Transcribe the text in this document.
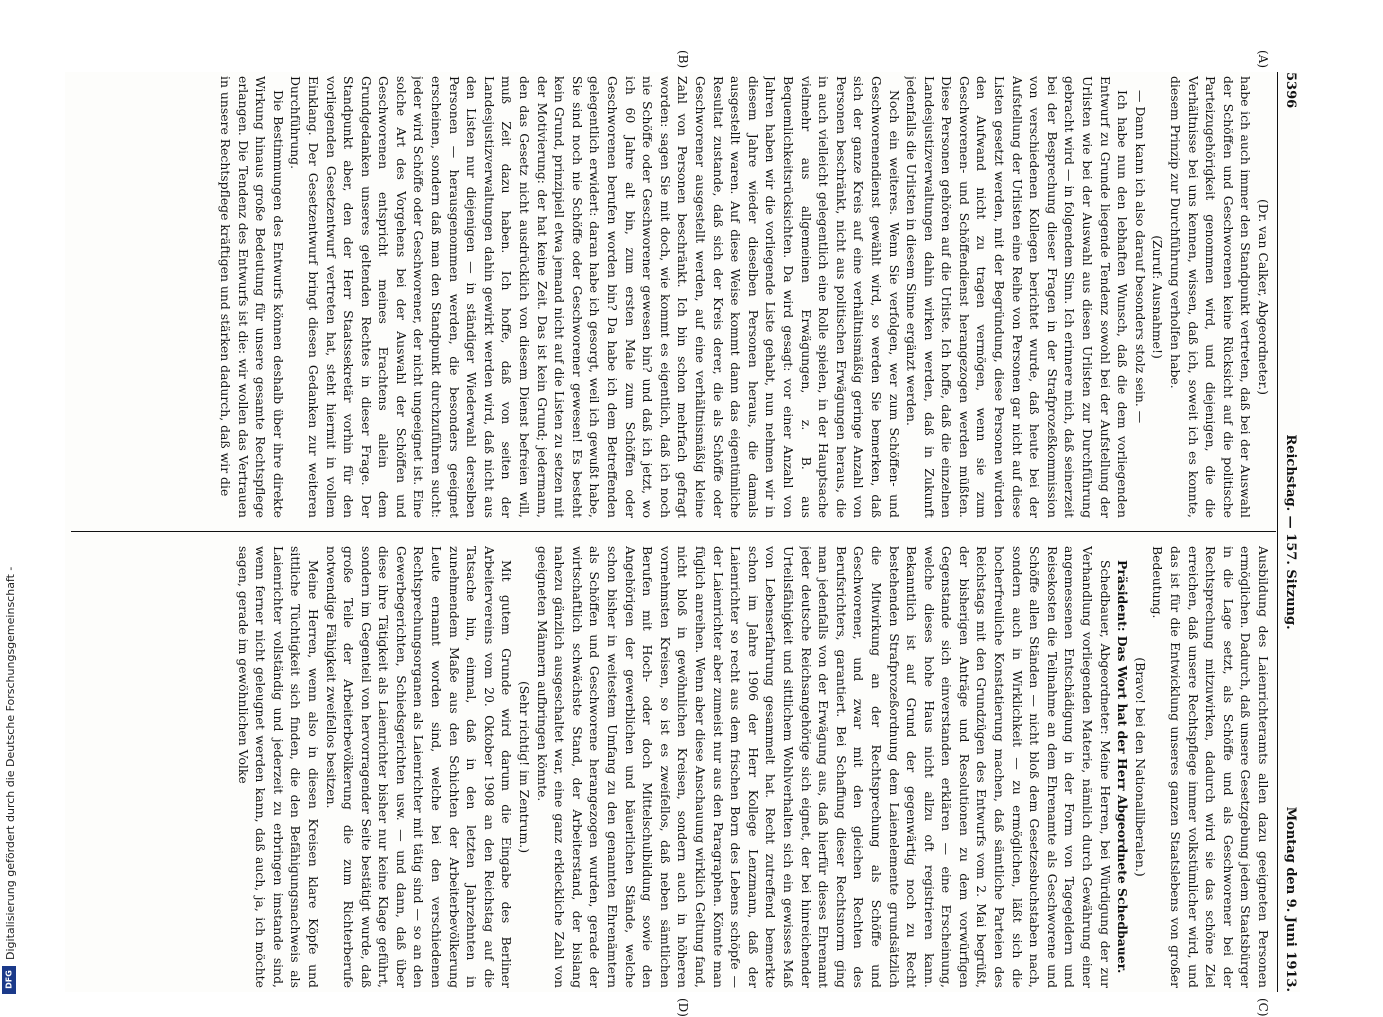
5396
Reichstag. — 157. Sitzung.
Montag den 9. Juni 1913.
(A)
(B)
(C)
(D)

(Dr. van Calker, Abgeordneter.)

habe ich auch immer den Standpunkt vertreten, daß bei der Auswahl der Schöffen und Geschworenen keine Rücksicht auf die politische Parteizugehörigkeit genommen wird, und diejenigen, die die Verhältnisse bei uns kennen, wissen, daß ich, soweit ich es konnte, diesem Prinzip zur Durchführung verholfen habe.

(Zuruf: Ausnahme!)

— Dann kann ich also darauf besonders stolz sein. —

Ich habe nun den lebhaften Wunsch, daß die dem vorliegenden Entwurf zu Grunde liegende Tendenz sowohl bei der Aufstellung der Urlisten wie bei der Auswahl aus diesen Urlisten zur Durchführung gebracht wird — in folgendem Sinn. Ich erinnere mich, daß seinerzeit bei der Besprechung dieser Fragen in der Strafprozeßkommission von verschiedenen Kollegen berichtet wurde, daß heute bei der Aufstellung der Urlisten eine Reihe von Personen gar nicht auf diese Listen gesetzt werden, mit der Begründung, diese Personen würden den Aufwand nicht zu tragen vermögen, wenn sie zum Geschworenen- und Schöffendienst herangezogen werden müßten. Diese Personen gehören auf die Urliste. Ich hoffe, daß die einzelnen Landesjustizverwaltungen dahin wirken werden, daß in Zukunft jedenfalls die Urlisten in diesem Sinne ergänzt werden.

Noch ein weiteres. Wenn Sie verfolgen, wer zum Schöffen- und Geschworenendienst gewählt wird, so werden Sie bemerken, daß sich der ganze Kreis auf eine verhältnismäßig geringe Anzahl von Personen beschränkt, nicht aus politischen Erwägungen heraus, die in auch vielleicht gelegentlich eine Rolle spielen, in der Hauptsache vielmehr aus allgemeinen Erwägungen, z. B. aus Bequemlichkeitsrücksichten. Da wird gesagt: vor einer Anzahl von Jahren haben wir die vorliegende Liste gehabt, nun nehmen wir in diesem Jahre wieder dieselben Personen heraus, die damals ausgestellt waren. Auf diese Weise kommt dann das eigentümliche Resultat zustande, daß sich der Kreis derer, die als Schöffe oder Geschworener ausgestellt werden, auf eine verhältnismäßig kleine Zahl von Personen beschränkt. Ich bin schon mehrfach gefragt worden: sagen Sie mit doch, wie kommt es eigentlich, daß ich noch nie Schöffe oder Geschworener gewesen bin? und daß ich jetzt, wo ich 60 Jahre alt bin, zum ersten Male zum Schöffen oder Geschworenen berufen worden bin? Da habe ich dem Betreffenden gelegentlich erwidert: daran habe ich gesorgt, weil ich gewußt habe, Sie sind noch nie Schöffe oder Geschworener gewesen! Es besteht kein Grund, prinzipiell etwa jemand nicht auf die Listen zu setzen mit der Motivierung: der hat keine Zeit. Das ist kein Grund; jedermann, den das Gesetz nicht ausdrücklich von diesem Dienst befreien will, muß Zeit dazu haben. Ich hoffe, daß von seiten der Landesjustizverwaltungen dahin gewirkt werden wird, daß nicht aus den Listen nur diejenigen — in ständiger Wiederwahl derselben Personen — herausgenommen werden, die besonders geeignet erscheinen, sondern daß man den Standpunkt durchzuführen sucht: jeder wird Schöffe oder Geschworener, der nicht ungeeignet ist. Eine solche Art des Vorgehens bei der Auswahl der Schöffen und Geschworenen entspricht meines Erachtens allein dem Grundgedanken unseres geltenden Rechtes in dieser Frage. Der Standpunkt aber, den der Herr Staatssekretär vorhin für den vorliegenden Gesetzentwurf vertreten hat, steht hiermit in vollem Einklang. Der Gesetzentwurf bringt diesen Gedanken zur weiteren Durchführung.

Die Bestimmungen des Entwurfs können deshalb über ihre direkte Wirkung hinaus große Bedeutung für unsere gesamte Rechtspflege erlangen. Die Tendenz des Entwurfs ist die: wir wollen das Vertrauen in unsere Rechtspflege kräftigen und stärken dadurch, daß wir die

Ausbildung des Laienrichteramts allen dazu geeigneten Personen ermöglichen. Dadurch, daß unsere Gesetzgebung jedem Staatsbürger in die Lage setzt, als Schöffe und als Geschworener bei der Rechtsprechung mitzuwirken, dadurch wird sie das schöne Ziel erreichen, daß unsere Rechtspflege immer volkstümlicher wird, und das ist für die Entwicklung unseres ganzen Staatslebens von großer Bedeutung.

(Bravo! bei den Nationalliberalen.)

Präsident: Das Wort hat der Herr Abgeordnete Schedbauer.

Schedbauer, Abgeordneter: Meine Herren, bei Würdigung der zur Verhandlung vorliegenden Materie, nämlich durch Gewährung einer angemessenen Entschädigung in der Form von Tagegeldern und Reisekosten die Teilnahme an dem Ehrenamte als Geschworene und Schöffe allen Ständen — nicht bloß dem Gesetzesbuchstaben nach, sondern auch in Wirklichkeit — zu ermöglichen, läßt sich die hocherfreuliche Konstatierung machen, daß sämtliche Parteien des Reichstags mit den Grundzügen des Entwurfs vom 2. Mai begrüßt, der bisherigen Anträge und Resolutionen zu dem vorwürfigen Gegenstande sich einverstanden erklären — eine Erscheinung, welche dieses hohe Haus nicht allzu oft registrieren kann. Bekanntlich ist auf Grund der gegenwärtig noch zu Recht bestehenden Strafprozeßordnung dem Laienelemente grundsätzlich die Mitwirkung an der Rechtsprechung als Schöffe und Geschworener, und zwar mit den gleichen Rechten des Berufsrichters, garantiert. Bei Schaffung dieser Rechtsnorm ging man jedenfalls von der Erwägung aus, daß hierfür dieses Ehrenamt jeder deutsche Reichsangehörige sich eignet, der bei hinreichender Urteilsfähigkeit und sittlichem Wohlverhalten sich ein gewisses Maß von Lebenserfahrung gesammelt hat. Recht zutreffend bemerkte schon im Jahre 1906 der Herr Kollege Lenzmann, daß der Laienrichter so recht aus dem frischen Born des Lebens schöpfe — der Laienrichter aber zumeist nur aus den Paragraphen. Könnte man füglich anreihen. Wenn aber diese Anschauung wirklich Geltung fand, nicht bloß in gewöhnlichen Kreisen, sondern auch in höheren vornehmsten Kreisen, so ist es zweifellos, daß neben sämtlichen Berufen mit Hoch- oder doch Mittelschulbildung sowie den Angehörigen der gewerblichen und bäuerlichen Stände, welche schon bisher in weitestem Umfang zu den genannten Ehrenämtern als Schöffen und Geschworene herangezogen wurden, gerade der wirtschaftlich schwächste Stand, der Arbeiterstand, der bislang nahezu gänzlich ausgeschaltet war, eine ganz erkleckliche Zahl von geeigneten Männern aufbringen könnte.

(Sehr richtig! im Zentrum.)

Mit gutem Grunde wird darum die Eingabe des Berliner Arbeitervereins vom 20. Oktober 1908 an den Reichstag auf die Tatsache hin, einmal, daß in den letzten Jahrzehnten in zunehmendem Maße aus den Schichten der Arbeiterbevölkerung Leute ernannt worden sind, welche bei den verschiedenen Rechtsprechungsorganen als Laienrichter mit tätig sind — so an den Gewerbegerichten, Schiedsgerichten usw. — und dann, daß über diese ihre Tätigkeit als Laienrichter bisher nur keine Klage geführt, sondern im Gegenteil von hervorragender Seite bestätigt wurde, daß große Teile der Arbeiterbevölkerung die zum Richterberufe notwendige Fähigkeit zweifellos besitzen.

Meine Herren, wenn also in diesen Kreisen klare Köpfe und sittliche Tüchtigkeit sich finden, die den Befähigungsnachweis als Laienrichter vollständig und jederzeit zu erbringen imstande sind, wenn ferner nicht geleugnet werden kann, daß auch, ja, ich möchte sagen, gerade im gewöhnlichen Volke

Digitalisierung gefördert durch die Deutsche Forschungsgemeinschaft -
DFG
